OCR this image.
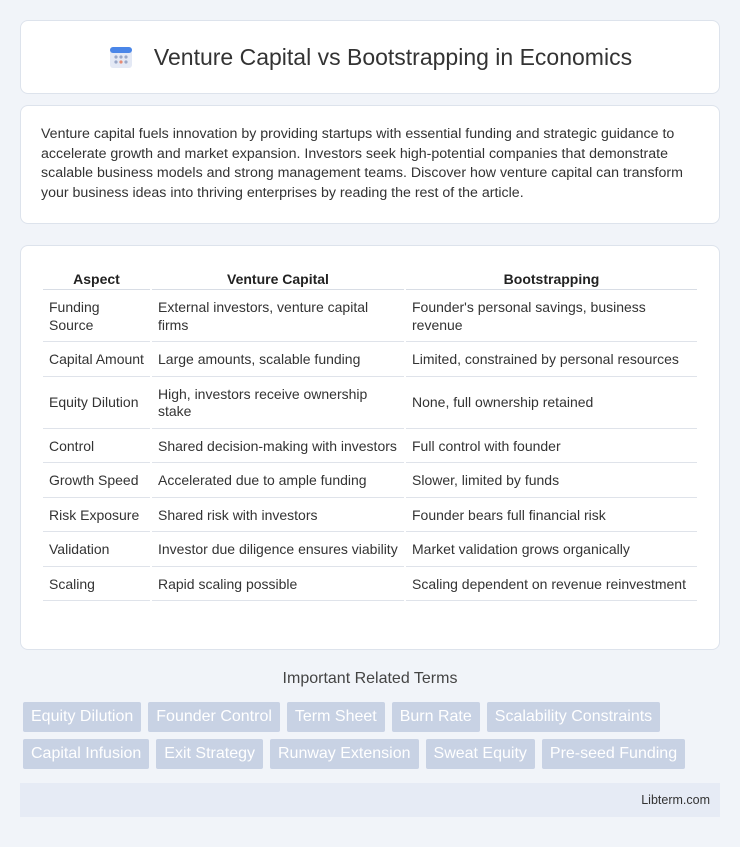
Venture Capital vs Bootstrapping in Economics

Venture capital fuels innovation by providing startups with essential funding and strategic guidance to accelerate growth and market expansion. Investors seek high-potential companies that demonstrate scalable business models and strong management teams. Discover how venture capital can transform your business ideas into thriving enterprises by reading the rest of the article.

Aspect	Venture Capital	Bootstrapping
Funding Source	External investors, venture capital firms	Founder's personal savings, business revenue
Capital Amount	Large amounts, scalable funding	Limited, constrained by personal resources
Equity Dilution	High, investors receive ownership stake	None, full ownership retained
Control	Shared decision-making with investors	Full control with founder
Growth Speed	Accelerated due to ample funding	Slower, limited by funds
Risk Exposure	Shared risk with investors	Founder bears full financial risk
Validation	Investor due diligence ensures viability	Market validation grows organically
Scaling	Rapid scaling possible	Scaling dependent on revenue reinvestment
Important Related Terms
Equity Dilution	Founder Control	Term Sheet	Burn Rate	Scalability Constraints
Capital Infusion	Exit Strategy	Runway Extension	Sweat Equity	Pre-seed Funding
Libterm.com
